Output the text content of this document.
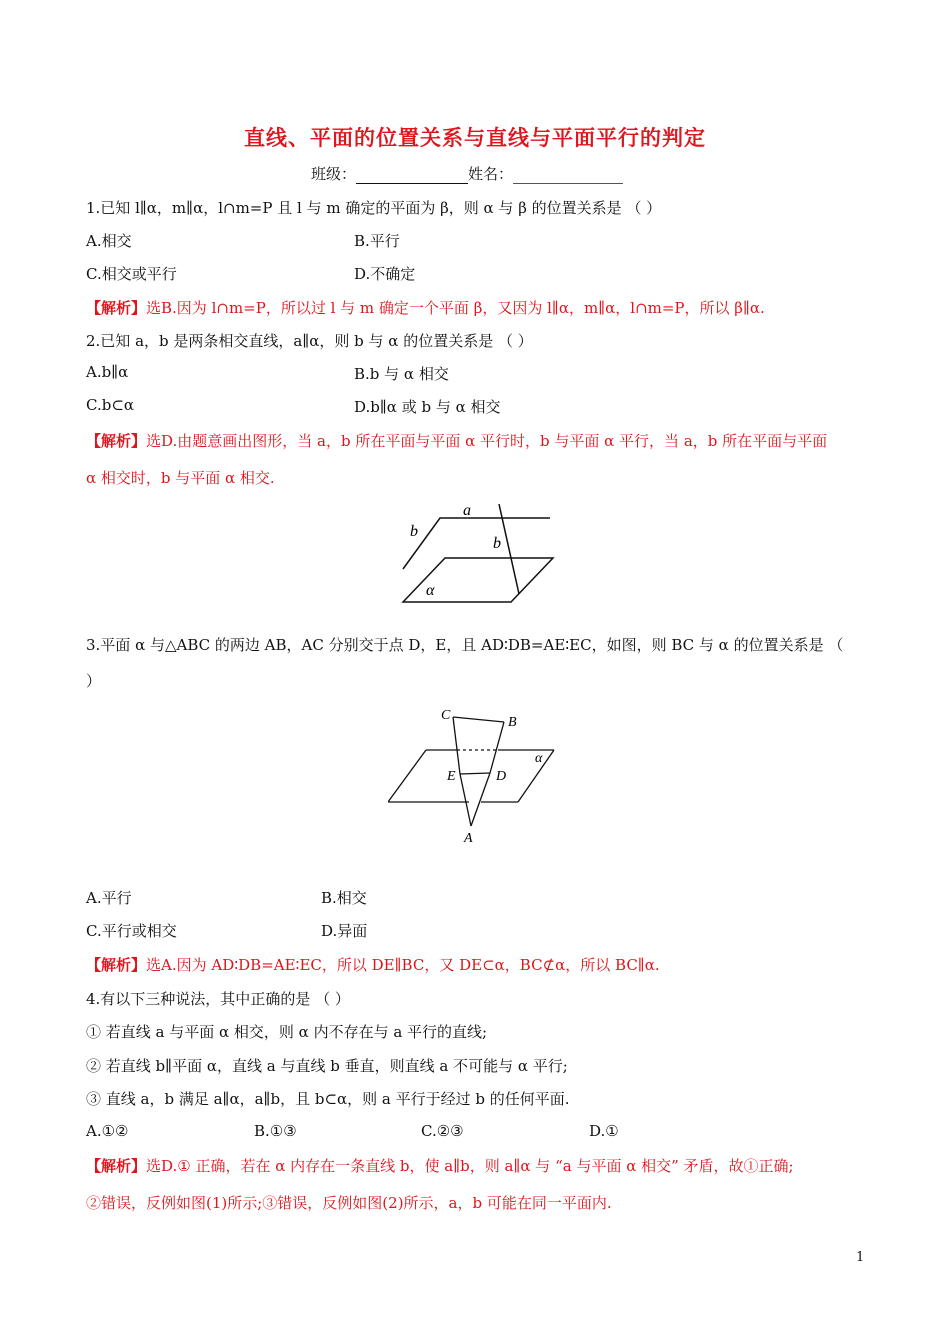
直线、平面的位置关系与直线与平面平行的判定
班级：	姓名：
1.已知 l∥α，m∥α，l∩m=P 且 l 与 m 确定的平面为 β，则 α 与 β 的位置关系是 （ ）
A.相交	B.平行
C.相交或平行	D.不确定
【解析】选B.因为 l∩m=P，所以过 l 与 m 确定一个平面 β，又因为 l∥α，m∥α，l∩m=P，所以 β∥α.
2.已知 a，b 是两条相交直线，a∥α，则 b 与 α 的位置关系是 （ ）
A.b∥α	B.b 与 α 相交
C.b⊂α	D.b∥α 或 b 与 α 相交
【解析】选D.由题意画出图形，当 a，b 所在平面与平面 α 平行时，b 与平面 α 平行，当 a，b 所在平面与平面
α 相交时，b 与平面 α 相交.
a
b
b
α
3.平面 α 与△ABC 的两边 AB，AC 分别交于点 D，E，且 AD∶DB=AE∶EC，如图，则 BC 与 α 的位置关系是 （
）
C	B
α
E	D
A
A.平行	B.相交
C.平行或相交	D.异面
【解析】选A.因为 AD∶DB=AE∶EC，所以 DE∥BC，又 DE⊂α，BC⊄α，所以 BC∥α.
4.有以下三种说法，其中正确的是 （ ）
① 若直线 a 与平面 α 相交，则 α 内不存在与 a 平行的直线;
② 若直线 b∥平面 α，直线 a 与直线 b 垂直，则直线 a 不可能与 α 平行;
③ 直线 a，b 满足 a∥α，a∥b，且 b⊂α，则 a 平行于经过 b 的任何平面.
A.①②	B.①③	C.②③	D.①
【解析】选D.① 正确，若在 α 内存在一条直线 b，使 a∥b，则 a∥α 与 “a 与平面 α 相交” 矛盾，故①正确;
②错误，反例如图(1)所示;③错误，反例如图(2)所示，a，b 可能在同一平面内.
1
